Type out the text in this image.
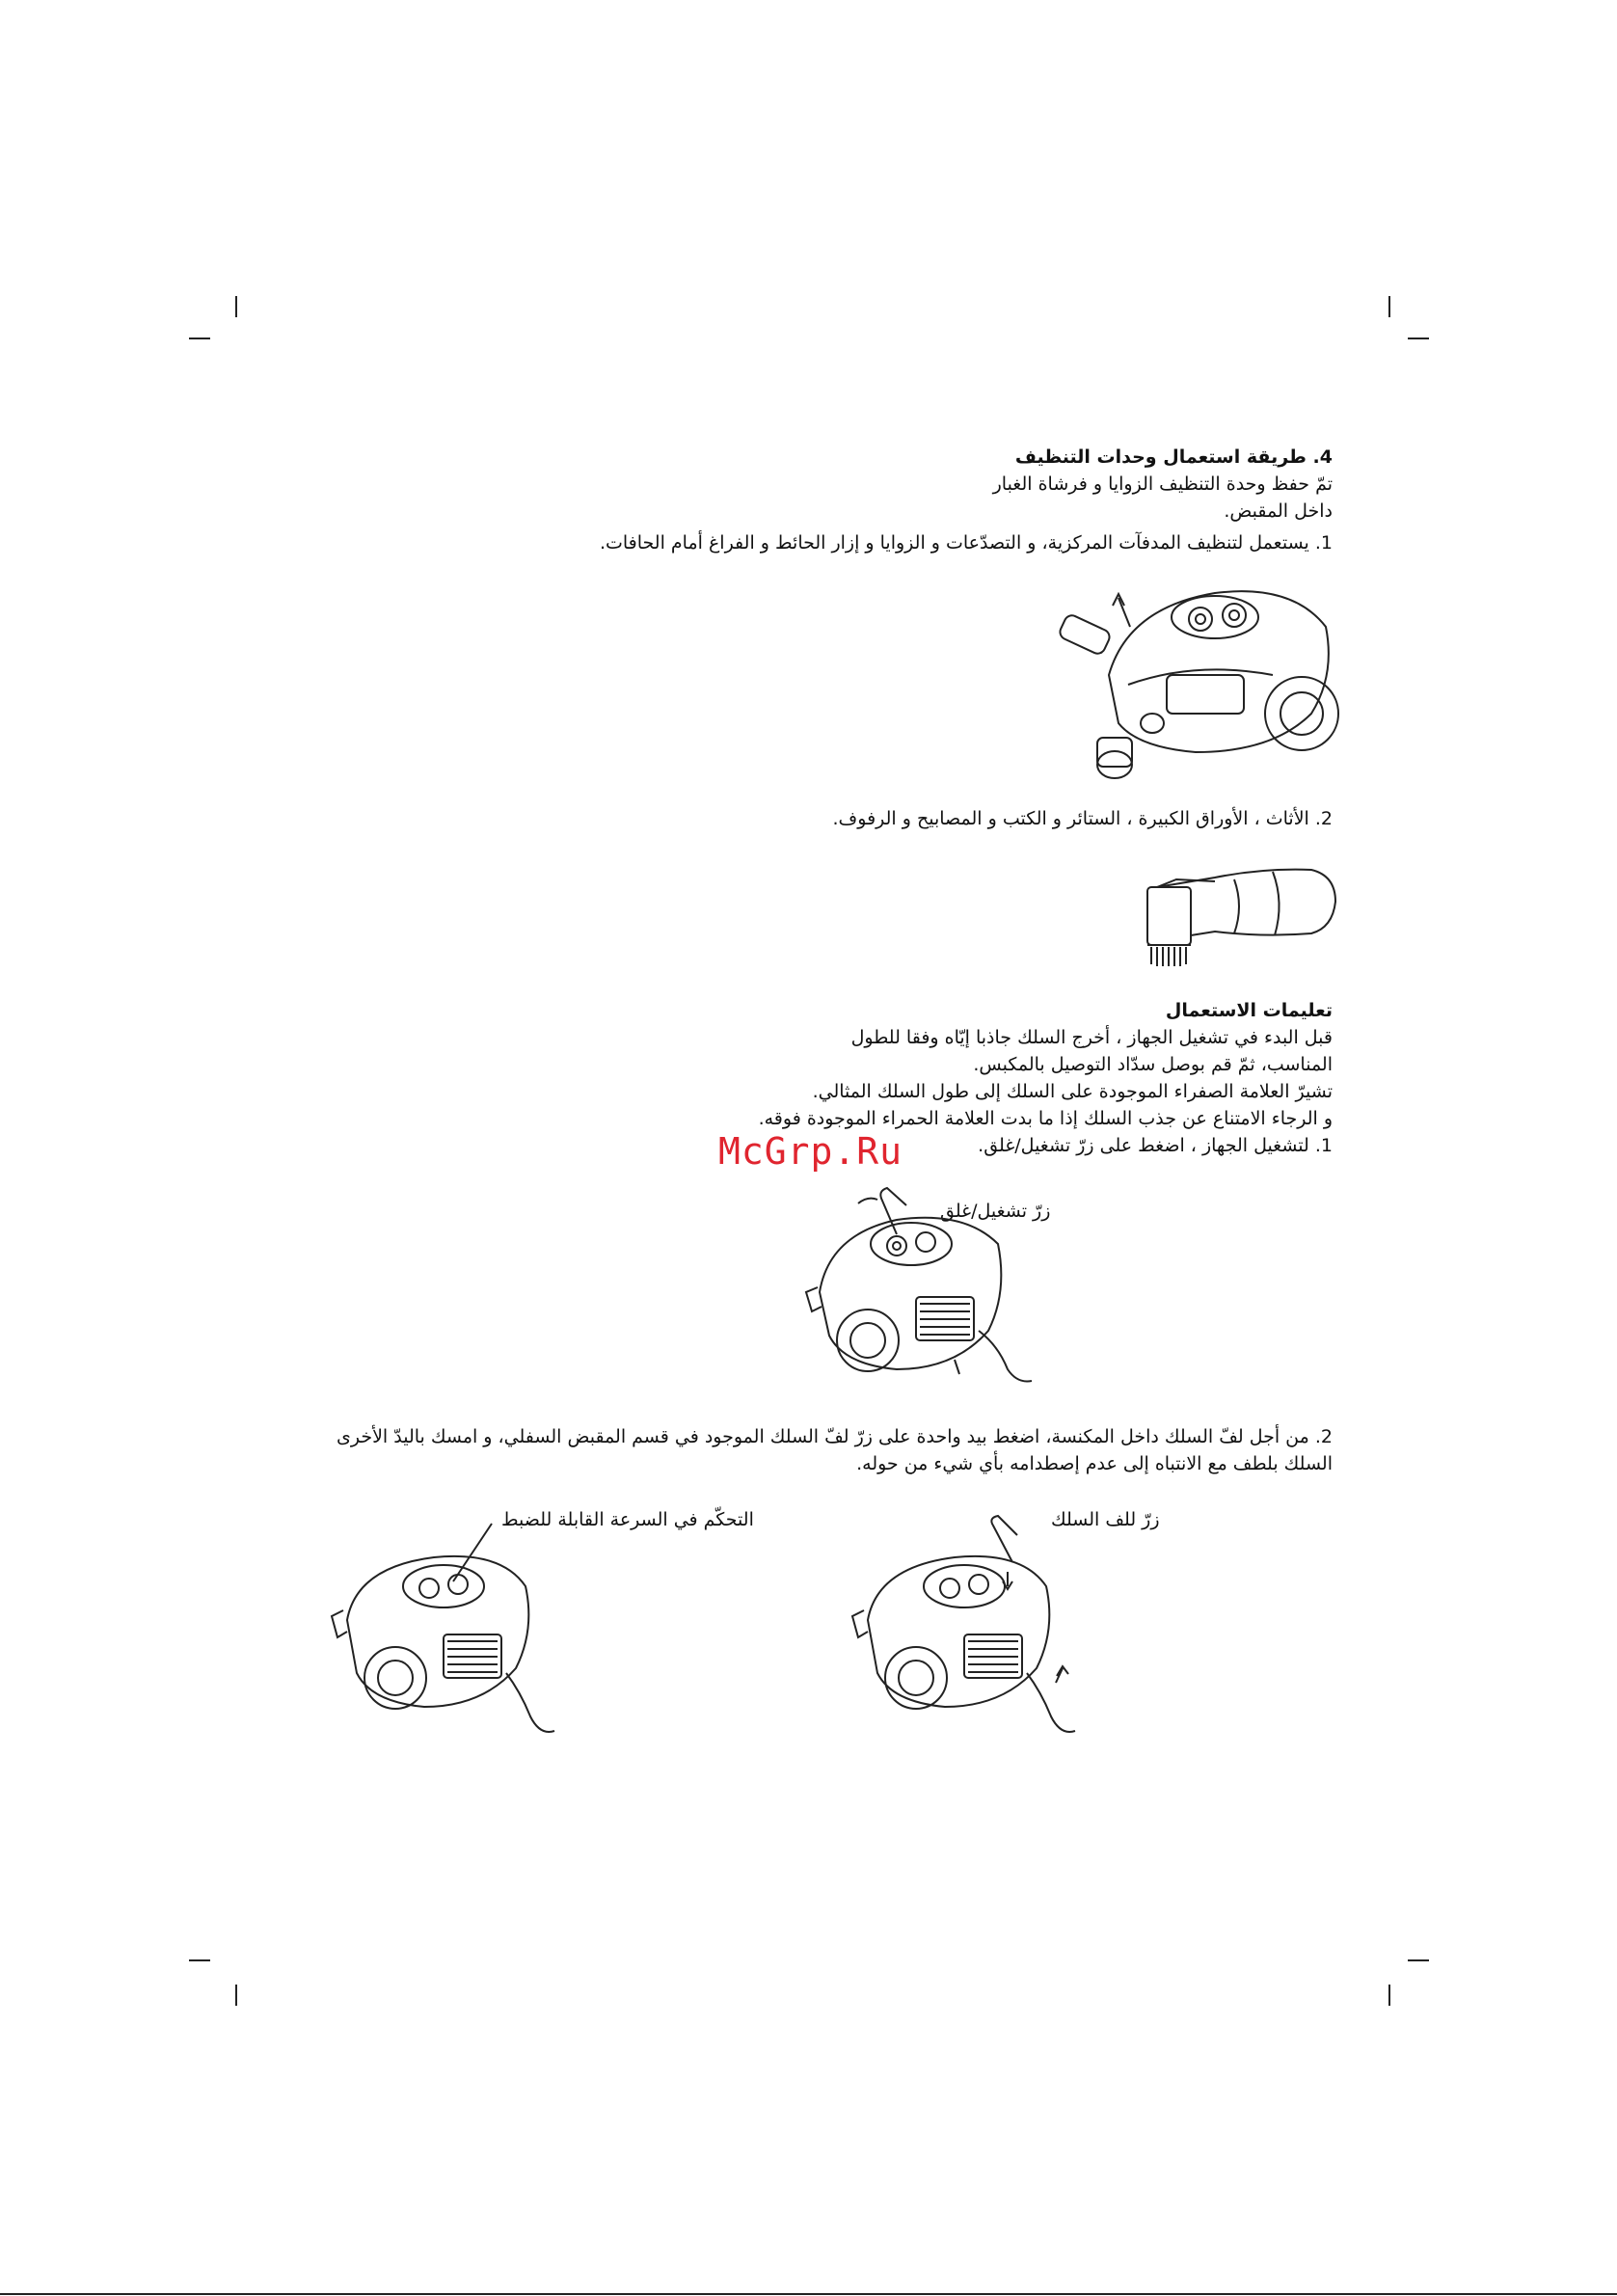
4. طريقة استعمال وحدات التنظيف
تمّ حفظ وحدة التنظيف الزوايا و فرشاة الغبار
داخل المقبض.
1. يستعمل لتنظيف المدفآت المركزية، و التصدّعات و الزوايا و إزار الحائط و الفراغ أمام الحافات.
2. الأثاث ، الأوراق الكبيرة ، الستائر و الكتب و المصابيح و الرفوف.
تعليمات الاستعمال
قبل البدء في تشغيل الجهاز ، أخرج السلك جاذبا إيّاه وفقا للطول
المناسب، ثمّ قم بوصل سدّاد التوصيل بالمكبس.
تشيرّ العلامة الصفراء الموجودة على السلك إلى طول السلك المثالي.
و الرجاء الامتناع عن جذب السلك إذا ما بدت العلامة الحمراء الموجودة فوقه.
1. لتشغيل الجهاز ، اضغط على زرّ تشغيل/غلق.
McGrp.Ru
زرّ تشغيل/غلق
2. من أجل لفّ السلك داخل المكنسة، اضغط بيد واحدة على زرّ لفّ السلك الموجود في قسم المقبض السفلي، و امسك باليدّ الأخرى
السلك بلطف مع الانتباه إلى عدم إصطدامه بأي شيء من حوله.
التحكّم في السرعة القابلة للضبط	زرّ للف السلك
